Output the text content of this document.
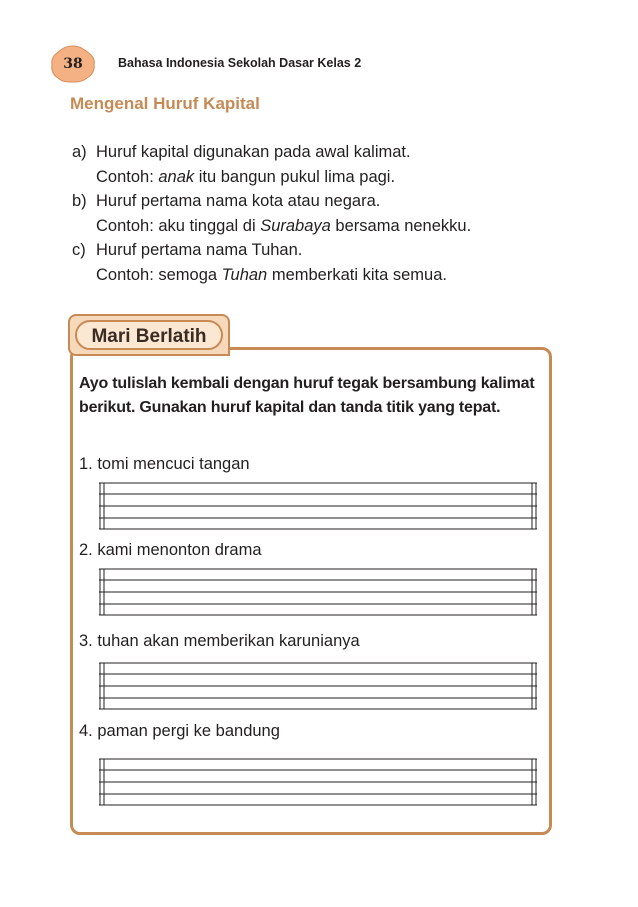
38	Bahasa Indonesia Sekolah Dasar Kelas 2
Mengenal Huruf Kapital
a) Huruf kapital digunakan pada awal kalimat.
Contoh: anak itu bangun pukul lima pagi.
b) Huruf pertama nama kota atau negara.
Contoh: aku tinggal di Surabaya bersama nenekku.
c) Huruf pertama nama Tuhan.
Contoh: semoga Tuhan memberkati kita semua.
Mari Berlatih
Ayo tulislah kembali dengan huruf tegak bersambung kalimat berikut. Gunakan huruf kapital dan tanda titik yang tepat.
1. tomi mencuci tangan
2. kami menonton drama
3. tuhan akan memberikan karunianya
4. paman pergi ke bandung
